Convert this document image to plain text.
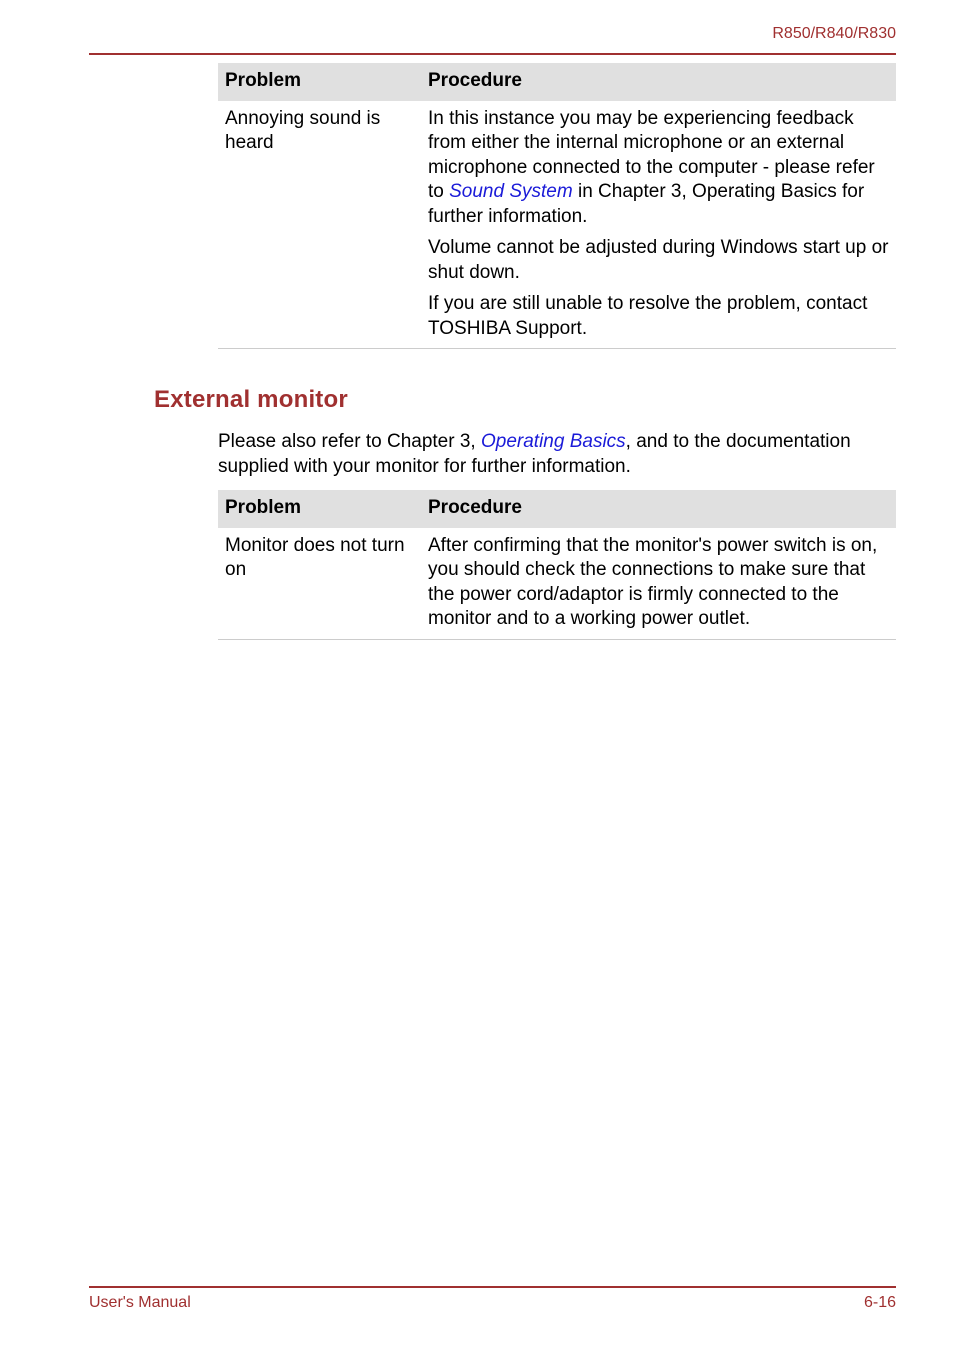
R850/R840/R830
Problem	Procedure
Annoying sound is heard	In this instance you may be experiencing feedback from either the internal microphone or an external microphone connected to the computer - please refer to Sound System in Chapter 3, Operating Basics for further information.

Volume cannot be adjusted during Windows start up or shut down.

If you are still unable to resolve the problem, contact TOSHIBA Support.

External monitor

Please also refer to Chapter 3, Operating Basics, and to the documentation supplied with your monitor for further information.

Problem	Procedure
Monitor does not turn on	After confirming that the monitor's power switch is on, you should check the connections to make sure that the power cord/adaptor is firmly connected to the monitor and to a working power outlet.
User's Manual	6-16
